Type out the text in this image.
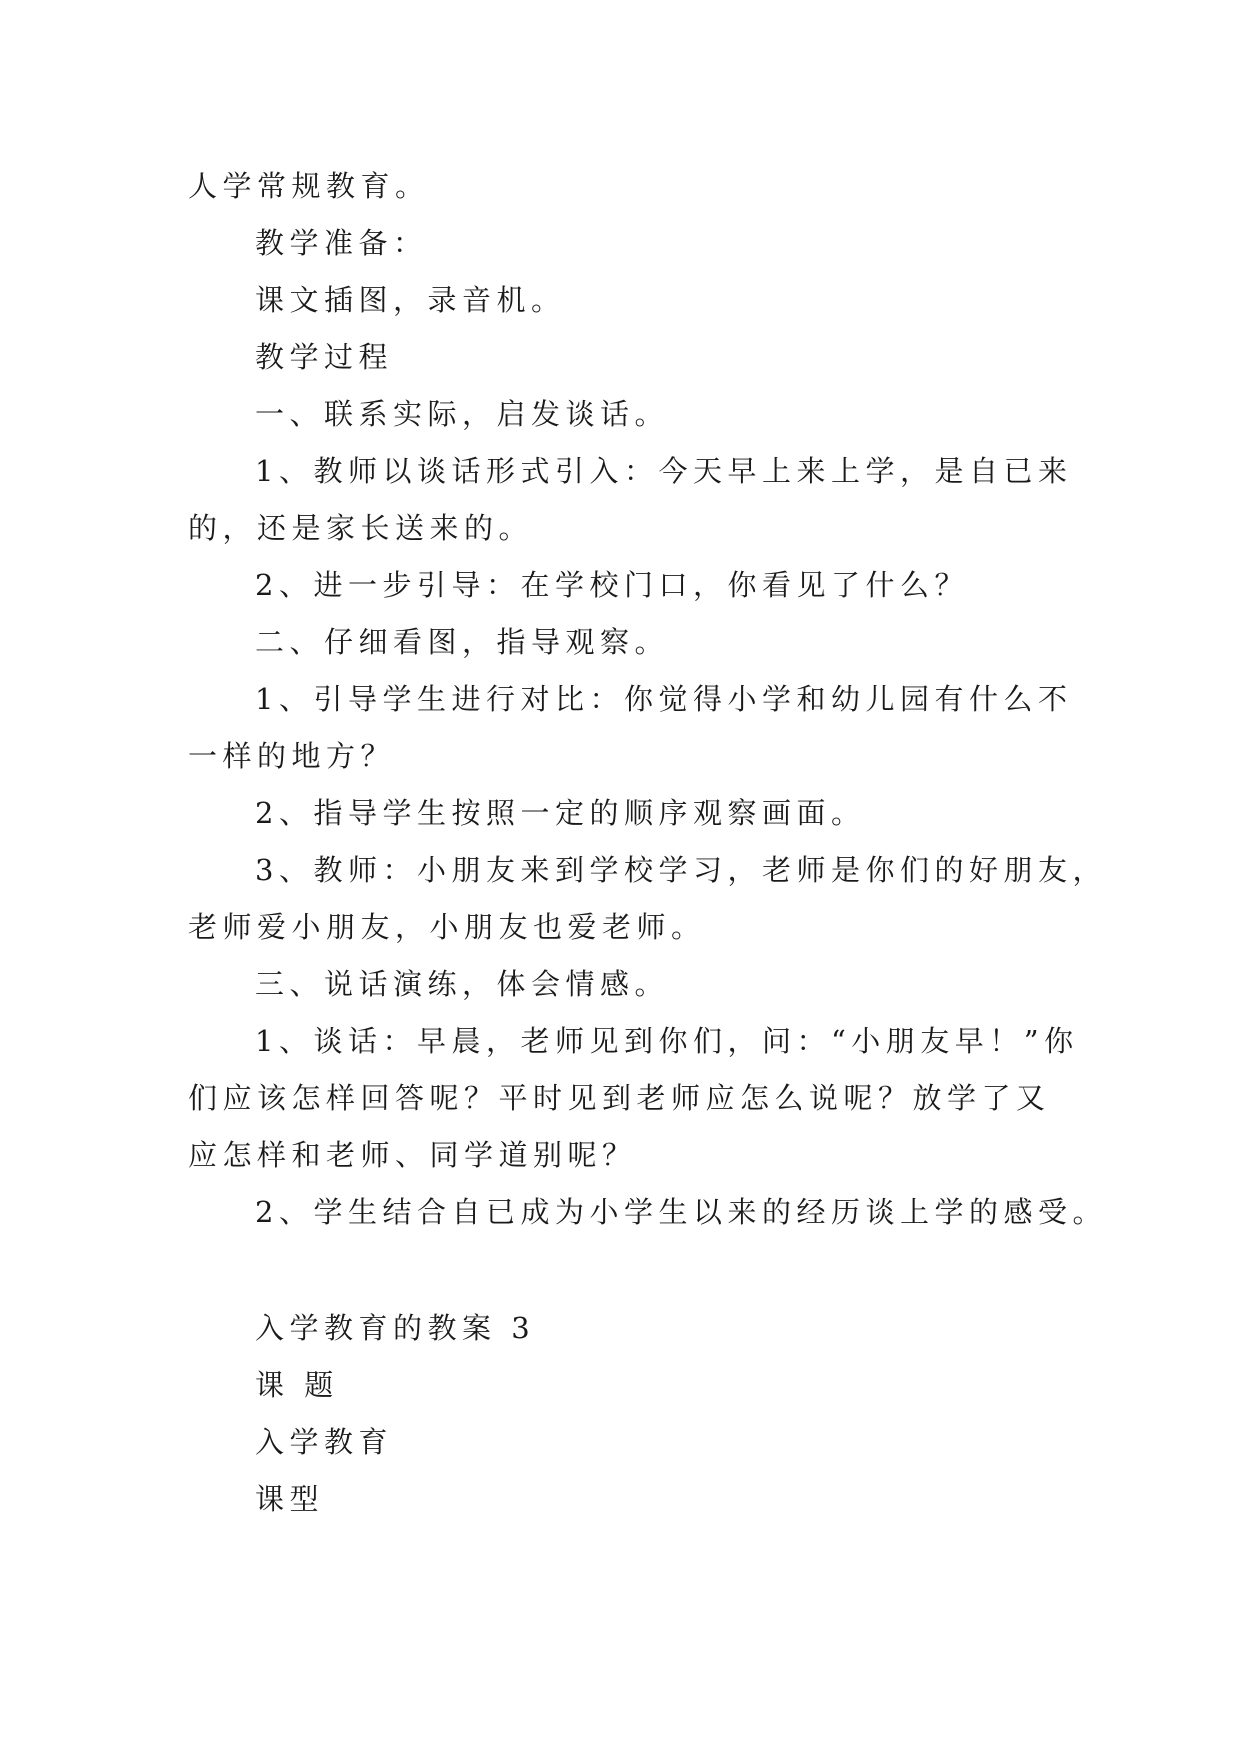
人学常规教育。
教学准备：
课文插图，录音机。
教学过程
一、联系实际，启发谈话。
1、教师以谈话形式引入：今天早上来上学，是自已来
的，还是家长送来的。
2、进一步引导：在学校门口，你看见了什么？
二、仔细看图，指导观察。
1、引导学生进行对比：你觉得小学和幼儿园有什么不
一样的地方？
2、指导学生按照一定的顺序观察画面。
3、教师：小朋友来到学校学习，老师是你们的好朋友，
老师爱小朋友，小朋友也爱老师。
三、说话演练，体会情感。
1、谈话：早晨，老师见到你们，问：“小朋友早！”你
们应该怎样回答呢？平时见到老师应怎么说呢？放学了又
应怎样和老师、同学道别呢？
2、学生结合自已成为小学生以来的经历谈上学的感受。
入学教育的教案 3
课 题
入学教育
课型
